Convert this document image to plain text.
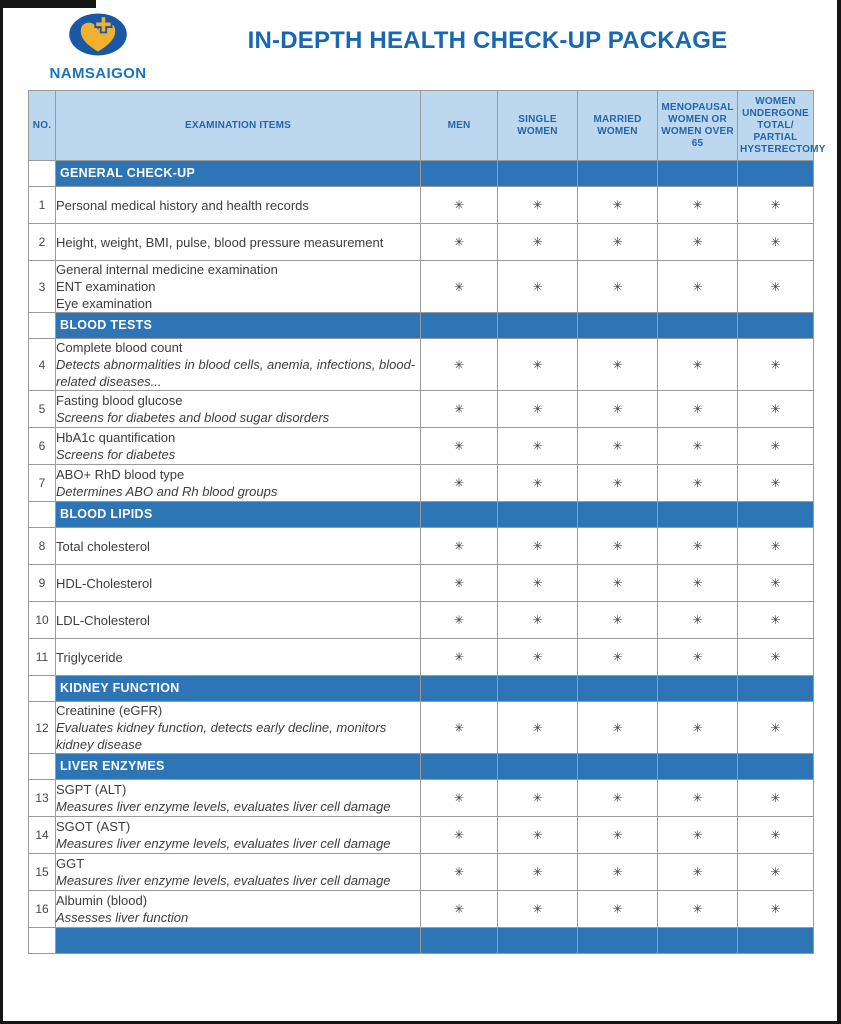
NAMSAIGON
IN-DEPTH HEALTH CHECK-UP PACKAGE
NO.	EXAMINATION ITEMS	MEN	SINGLE WOMEN	MARRIED WOMEN	MENOPAUSAL WOMEN OR WOMEN OVER 65	WOMEN UNDERGONE TOTAL/ PARTIAL HYSTERECTOMY

	GENERAL CHECK-UP					

1	Personal medical history and health records	✳	✳	✳	✳	✳
2	Height, weight, BMI, pulse, blood pressure measurement	✳	✳	✳	✳	✳
3	General internal medicine examination
ENT examination
Eye examination	✳	✳	✳	✳	✳

	BLOOD TESTS					

4	Complete blood count
Detects abnormalities in blood cells, anemia, infections, blood-related diseases...	✳	✳	✳	✳	✳
5	Fasting blood glucose
Screens for diabetes and blood sugar disorders	✳	✳	✳	✳	✳
6	HbA1c quantification
Screens for diabetes	✳	✳	✳	✳	✳
7	ABO+ RhD blood type
Determines ABO and Rh blood groups	✳	✳	✳	✳	✳

	BLOOD LIPIDS					

8	Total cholesterol	✳	✳	✳	✳	✳
9	HDL-Cholesterol	✳	✳	✳	✳	✳
10	LDL-Cholesterol	✳	✳	✳	✳	✳
11	Triglyceride	✳	✳	✳	✳	✳

	KIDNEY FUNCTION					

12	Creatinine (eGFR)
Evaluates kidney function, detects early decline, monitors kidney disease	✳	✳	✳	✳	✳

	LIVER ENZYMES					

13	SGPT (ALT)
Measures liver enzyme levels, evaluates liver cell damage	✳	✳	✳	✳	✳
14	SGOT (AST)
Measures liver enzyme levels, evaluates liver cell damage	✳	✳	✳	✳	✳
15	GGT
Measures liver enzyme levels, evaluates liver cell damage	✳	✳	✳	✳	✳
16	Albumin (blood)
Assesses liver function	✳	✳	✳	✳	✳
